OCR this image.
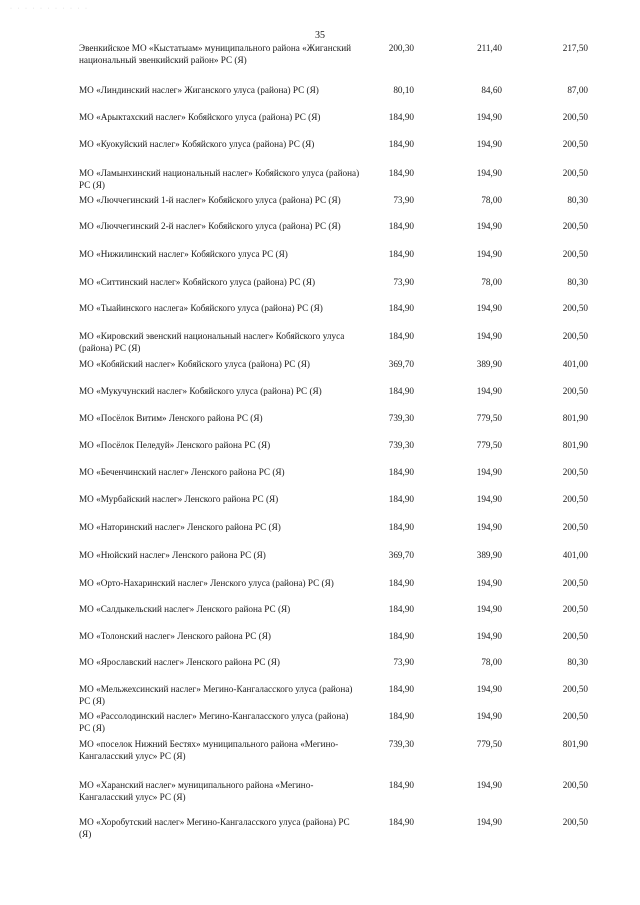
· · · · · · · · · · ·
35
Эвенкийское МО «Кыстатыам» муниципального района «Жиганский национальный эвенкийский район» РС (Я)
200,30	211,40	217,50
МО «Линдинский наслег» Жиганского улуса (района) РС (Я)	80,10	84,60	87,00
МО «Арыктахский наслег» Кобяйского улуса (района) РС (Я)	184,90	194,90	200,50
МО «Куокуйский наслег» Кобяйского улуса (района) РС (Я)	184,90	194,90	200,50
МО «Ламынхинский национальный наслег» Кобяйского улуса (района) РС (Я)
184,90	194,90	200,50
МО «Люччегинский 1-й наслег» Кобяйского улуса (района) РС (Я)	73,90	78,00	80,30
МО «Люччегинский 2-й наслег» Кобяйского улуса (района) РС (Я)	184,90	194,90	200,50
МО «Нижилинский наслег» Кобяйского улуса РС (Я)	184,90	194,90	200,50
МО «Ситтинский наслег» Кобяйского улуса (района) РС (Я)	73,90	78,00	80,30
МО «Тыайинского наслега» Кобяйского улуса (района) РС (Я)	184,90	194,90	200,50
МО «Кировский эвенский национальный наслег» Кобяйского улуса (района) РС (Я)
184,90	194,90	200,50
МО «Кобяйский наслег» Кобяйского улуса (района) РС (Я)	369,70	389,90	401,00
МО «Мукучунский наслег» Кобяйского улуса (района) РС (Я)	184,90	194,90	200,50
МО «Посёлок Витим» Ленского района РС (Я)	739,30	779,50	801,90
МО «Посёлок Пеледуй» Ленского района РС (Я)	739,30	779,50	801,90
МО «Беченчинский наслег» Ленского района РС (Я)	184,90	194,90	200,50
МО «Мурбайский наслег» Ленского района РС (Я)	184,90	194,90	200,50
МО «Наторинский наслег» Ленского района РС (Я)	184,90	194,90	200,50
МО «Нюйский наслег» Ленского района РС (Я)	369,70	389,90	401,00
МО «Орто-Нахаринский наслег» Ленского улуса (района) РС (Я)	184,90	194,90	200,50
МО «Салдыкельский наслег» Ленского района РС (Я)	184,90	194,90	200,50
МО «Толонский наслег» Ленского района РС (Я)	184,90	194,90	200,50
МО «Ярославский наслег» Ленского района РС (Я)	73,90	78,00	80,30
МО «Мельжехсинский наслег» Мегино-Кангаласского улуса (района) РС (Я)
184,90	194,90	200,50
МО «Рассолодинский наслег» Мегино-Кангаласского улуса (района) РС (Я)
184,90	194,90	200,50
МО «поселок Нижний Бестях» муниципального района «Мегино-Кангаласский улус» РС (Я)
739,30	779,50	801,90
МО «Хаpанский наслег» муниципального района «Мегино-Кангаласский улус» РС (Я)
184,90	194,90	200,50
МО «Хоробутский наслег» Мегино-Кангаласского улуса (района) РС (Я)
184,90	194,90	200,50
